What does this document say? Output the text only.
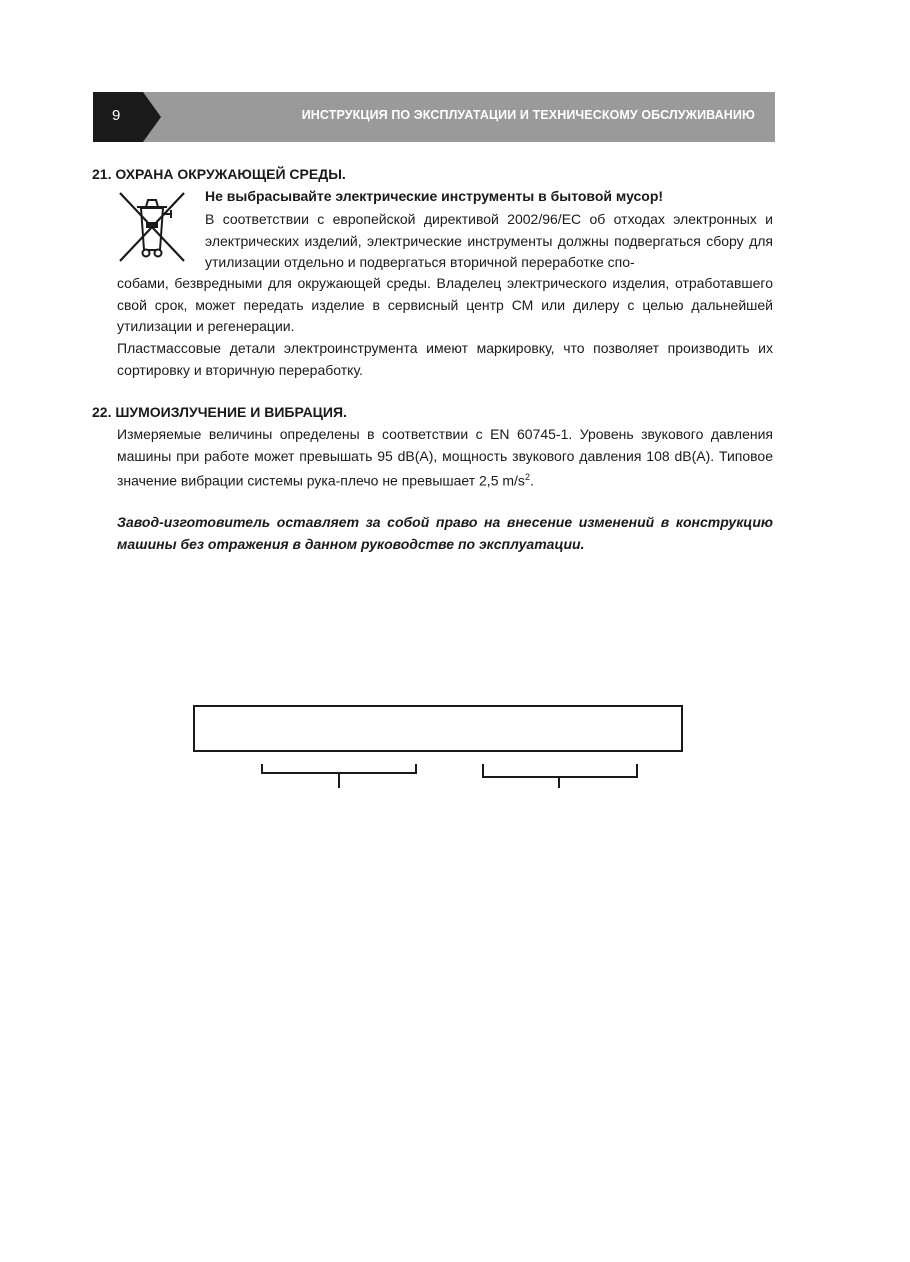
9	ИНСТРУКЦИЯ ПО ЭКСПЛУАТАЦИИ И ТЕХНИЧЕСКОМУ ОБСЛУЖИВАНИЮ
21. ОХРАНА ОКРУЖАЮЩЕЙ СРЕДЫ.
Не выбрасывайте электрические инструменты в бытовой мусор!
В соответствии с европейской директивой 2002/96/ЕС об отходах электронных и электрических изделий, электрические инструменты должны подвергаться сбору для утилизации отдельно и подвергаться вторичной переработке спо-
собами, безвредными для окружающей среды. Владелец электрического изделия, отработавшего свой срок, может передать изделие в сервисный центр СМ или дилеру с целью дальнейшей утилизации и регенерации.
Пластмассовые детали электроинструмента имеют маркировку, что позволяет производить их сортировку и вторичную переработку.
22. ШУМОИЗЛУЧЕНИЕ И ВИБРАЦИЯ.
Измеряемые величины определены в соответствии с EN 60745-1. Уровень звукового давления машины при работе может превышать 95 dB(A), мощность звукового давления 108 dB(A). Типовое значение вибрации системы рука-плечо не превышает 2,5 $m/s^2$.
Завод-изготовитель оставляет за собой право на внесение изменений в конструкцию машины без отражения в данном руководстве по эксплуатации.
